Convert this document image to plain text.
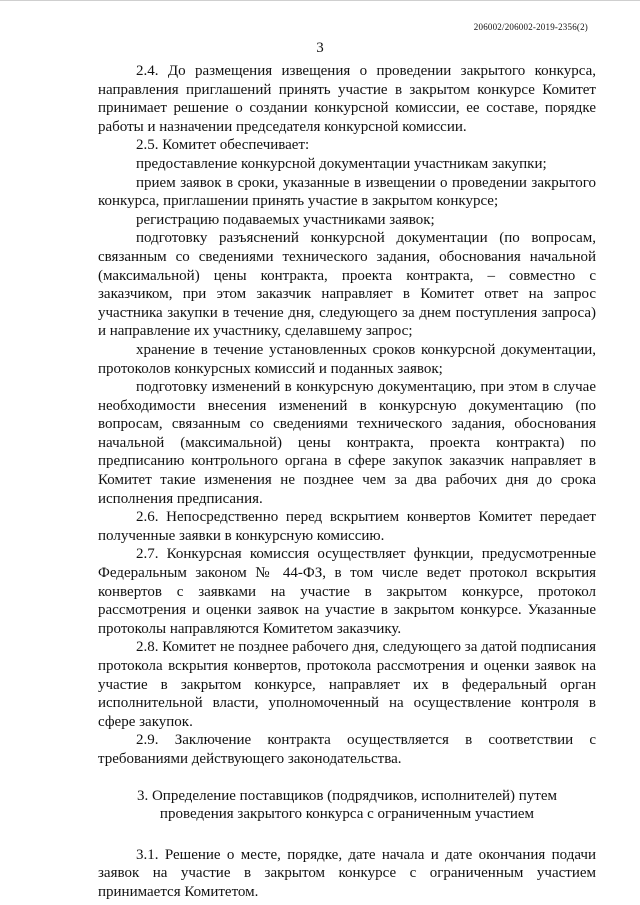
206002/206002-2019-2356(2)
3

2.4. До размещения извещения о проведении закрытого конкурса, направления приглашений принять участие в закрытом конкурсе Комитет принимает решение о создании конкурсной комиссии, ее составе, порядке работы и назначении председателя конкурсной комиссии.

2.5. Комитет обеспечивает:

предоставление конкурсной документации участникам закупки;

прием заявок в сроки, указанные в извещении о проведении закрытого конкурса, приглашении принять участие в закрытом конкурсе;

регистрацию подаваемых участниками заявок;

подготовку разъяснений конкурсной документации (по вопросам, связанным со сведениями технического задания, обоснования начальной (максимальной) цены контракта, проекта контракта, – совместно с заказчиком, при этом заказчик направляет в Комитет ответ на запрос участника закупки в течение дня, следующего за днем поступления запроса) и направление их участнику, сделавшему запрос;

хранение в течение установленных сроков конкурсной документации, протоколов конкурсных комиссий и поданных заявок;

подготовку изменений в конкурсную документацию, при этом в случае необходимости внесения изменений в конкурсную документацию (по вопросам, связанным со сведениями технического задания, обоснования начальной (максимальной) цены контракта, проекта контракта) по предписанию контрольного органа в сфере закупок заказчик направляет в Комитет такие изменения не позднее чем за два рабочих дня до срока исполнения предписания.

2.6. Непосредственно перед вскрытием конвертов Комитет передает полученные заявки в конкурсную комиссию.

2.7. Конкурсная комиссия осуществляет функции, предусмотренные Федеральным законом № 44-ФЗ, в том числе ведет протокол вскрытия конвертов с заявками на участие в закрытом конкурсе, протокол рассмотрения и оценки заявок на участие в закрытом конкурсе. Указанные протоколы направляются Комитетом заказчику.

2.8. Комитет не позднее рабочего дня, следующего за датой подписания протокола вскрытия конвертов, протокола рассмотрения и оценки заявок на участие в закрытом конкурсе, направляет их в федеральный орган исполнительной власти, уполномоченный на осуществление контроля в сфере закупок.

2.9. Заключение контракта осуществляется в соответствии с требованиями действующего законодательства.

3. Определение поставщиков (подрядчиков, исполнителей) путем проведения закрытого конкурса с ограниченным участием

3.1. Решение о месте, порядке, дате начала и дате окончания подачи заявок на участие в закрытом конкурсе с ограниченным участием принимается Комитетом.
